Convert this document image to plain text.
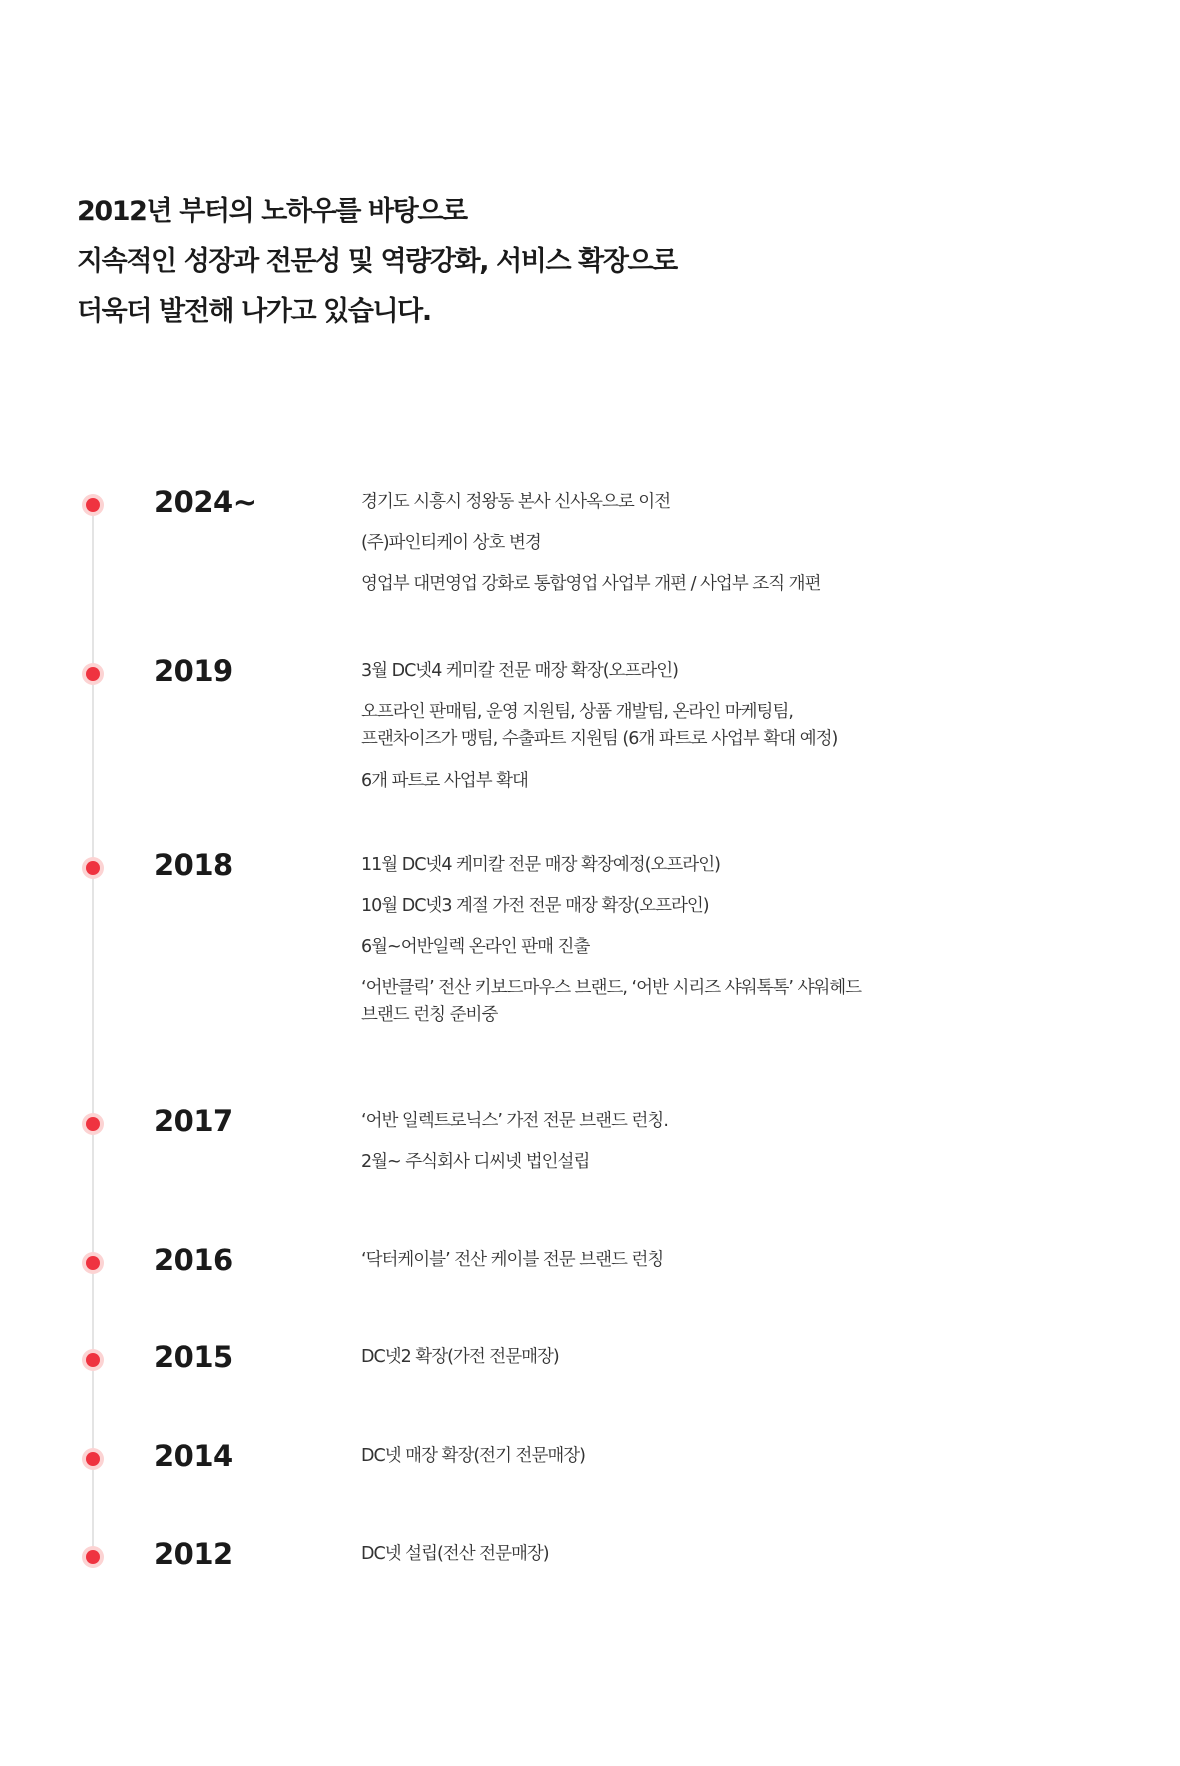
2012년 부터의 노하우를 바탕으로
지속적인 성장과 전문성 및 역량강화, 서비스 확장으로
더욱더 발전해 나가고 있습니다.
2024~	경기도 시흥시 정왕동 본사 신사옥으로 이전
(주)파인티케이 상호 변경
영업부 대면영업 강화로 통합영업 사업부 개편 / 사업부 조직 개편
2019	3월 DC넷4 케미칼 전문 매장 확장(오프라인)
오프라인 판매팀, 운영 지원팀, 상품 개발팀, 온라인 마케팅팀,
프랜차이즈가 맹팀, 수출파트 지원팀 (6개 파트로 사업부 확대 예정)
6개 파트로 사업부 확대
2018	11월 DC넷4 케미칼 전문 매장 확장예정(오프라인)
10월 DC넷3 계절 가전 전문 매장 확장(오프라인)
6월~어반일렉 온라인 판매 진출
‘어반클릭’ 전산 키보드마우스 브랜드, ‘어반 시리즈 샤워톡톡’ 샤워헤드
브랜드 런칭 준비중
2017	‘어반 일렉트로닉스’ 가전 전문 브랜드 런칭.
2월~ 주식회사 디씨넷 법인설립
2016	‘닥터케이블’ 전산 케이블 전문 브랜드 런칭
2015	DC넷2 확장(가전 전문매장)
2014	DC넷 매장 확장(전기 전문매장)
2012	DC넷 설립(전산 전문매장)
